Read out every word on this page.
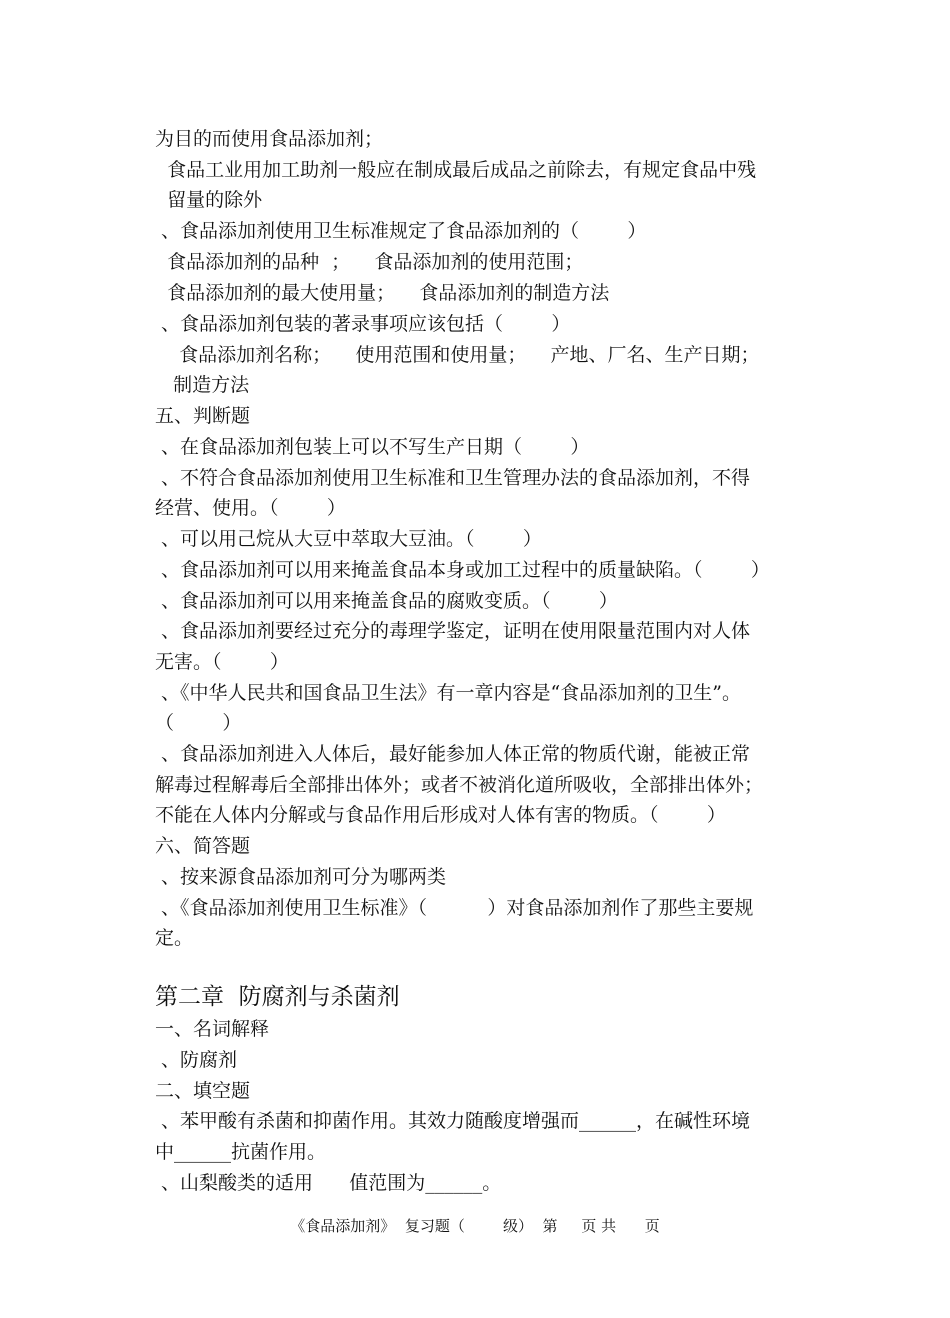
为目的而使用食品添加剂；
食品工业用加工助剂一般应在制成最后成品之前除去，有规定食品中残
留量的除外
、食品添加剂使用卫生标准规定了食品添加剂的（        ）
食品添加剂的品种  ；    食品添加剂的使用范围；
食品添加剂的最大使用量；    食品添加剂的制造方法
、食品添加剂包装的著录事项应该包括（        ）
食品添加剂名称；    使用范围和使用量；    产地、厂名、生产日期；
制造方法
五、判断题
、在食品添加剂包装上可以不写生产日期（        ）
、不符合食品添加剂使用卫生标准和卫生管理办法的食品添加剂，不得
经营、使用。（        ）
、可以用己烷从大豆中萃取大豆油。（        ）
、食品添加剂可以用来掩盖食品本身或加工过程中的质量缺陷。（        ）
、食品添加剂可以用来掩盖食品的腐败变质。（        ）
、食品添加剂要经过充分的毒理学鉴定，证明在使用限量范围内对人体
无害。（        ）
、《中华人民共和国食品卫生法》有一章内容是“食品添加剂的卫生”。
（        ）
、食品添加剂进入人体后，最好能参加人体正常的物质代谢，能被正常
解毒过程解毒后全部排出体外；或者不被消化道所吸收，全部排出体外；
不能在人体内分解或与食品作用后形成对人体有害的物质。（        ）
六、简答题
、按来源食品添加剂可分为哪两类
、《食品添加剂使用卫生标准》（          ）对食品添加剂作了那些主要规
定。
第二章  防腐剂与杀菌剂
一、名词解释
、防腐剂
二、填空题
、苯甲酸有杀菌和抑菌作用。其效力随酸度增强而______，在碱性环境
中______抗菌作用。
、山梨酸类的适用      值范围为______。
《食品添加剂》  复习题（        级）  第     页 共      页
